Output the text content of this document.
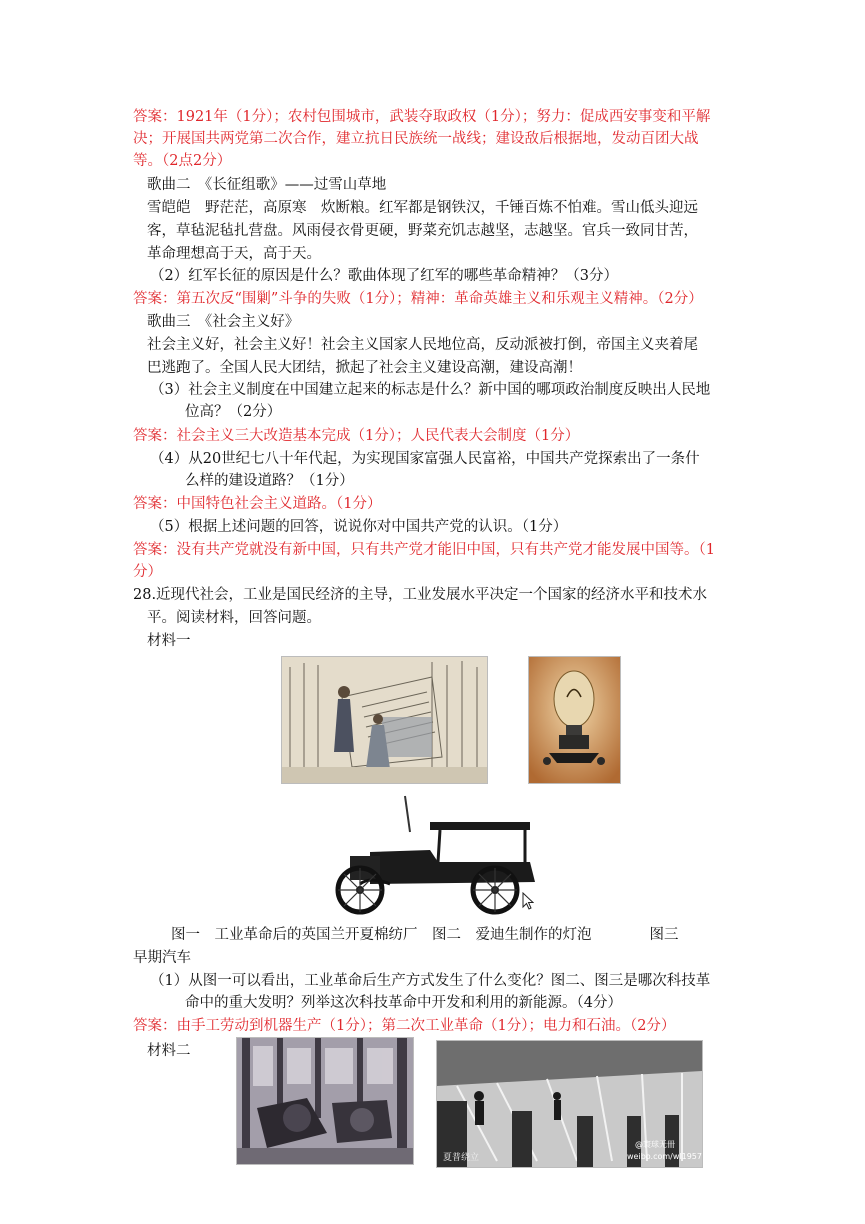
答案：1921年（1分）；农村包围城市，武装夺取政权（1分）；努力：促成西安事变和平解
决；开展国共两党第二次合作，建立抗日民族统一战线；建设敌后根据地，发动百团大战
等。（2点2分）
歌曲二　《长征组歌》——过雪山草地
雪皑皑　野茫茫，高原寒　炊断粮。红军都是钢铁汉，千锤百炼不怕难。雪山低头迎远
客，草毡泥毡扎营盘。风雨侵衣骨更硬，野菜充饥志越坚，志越坚。官兵一致同甘苦，
革命理想高于天，高于天。
（2）红军长征的原因是什么？歌曲体现了红军的哪些革命精神？（3分）
答案：第五次反“围剿”斗争的失败（1分）；精神：革命英雄主义和乐观主义精神。（2分）
歌曲三　《社会主义好》
社会主义好，社会主义好！社会主义国家人民地位高，反动派被打倒，帝国主义夹着尾
巴逃跑了。全国人民大团结，掀起了社会主义建设高潮，建设高潮！
（3）社会主义制度在中国建立起来的标志是什么？新中国的哪项政治制度反映出人民地
位高？（2分）
答案：社会主义三大改造基本完成（1分）；人民代表大会制度（1分）
（4）从20世纪七八十年代起，为实现国家富强人民富裕，中国共产党探索出了一条什
么样的建设道路？（1分）
答案：中国特色社会主义道路。（1分）
（5）根据上述问题的回答，说说你对中国共产党的认识。（1分）
答案：没有共产党就没有新中国，只有共产党才能旧中国，只有共产党才能发展中国等。（1
分）
28.近现代社会，工业是国民经济的主导，工业发展水平决定一个国家的经济水平和技术水
平。阅读材料，回答问题。
材料一
图一　工业革命后的英国兰开夏棉纺厂　图二　爱迪生制作的灯泡　　　　图三
早期汽车
（1）从图一可以看出，工业革命后生产方式发生了什么变化？图二、图三是哪次科技革
命中的重大发明？列举这次科技革命中开发和利用的新能源。（4分）
答案：由手工劳动到机器生产（1分）；第二次工业革命（1分）；电力和石油。（2分）
材料二
夏普绕立
@寰球无冊
weibo.com/wl1957
